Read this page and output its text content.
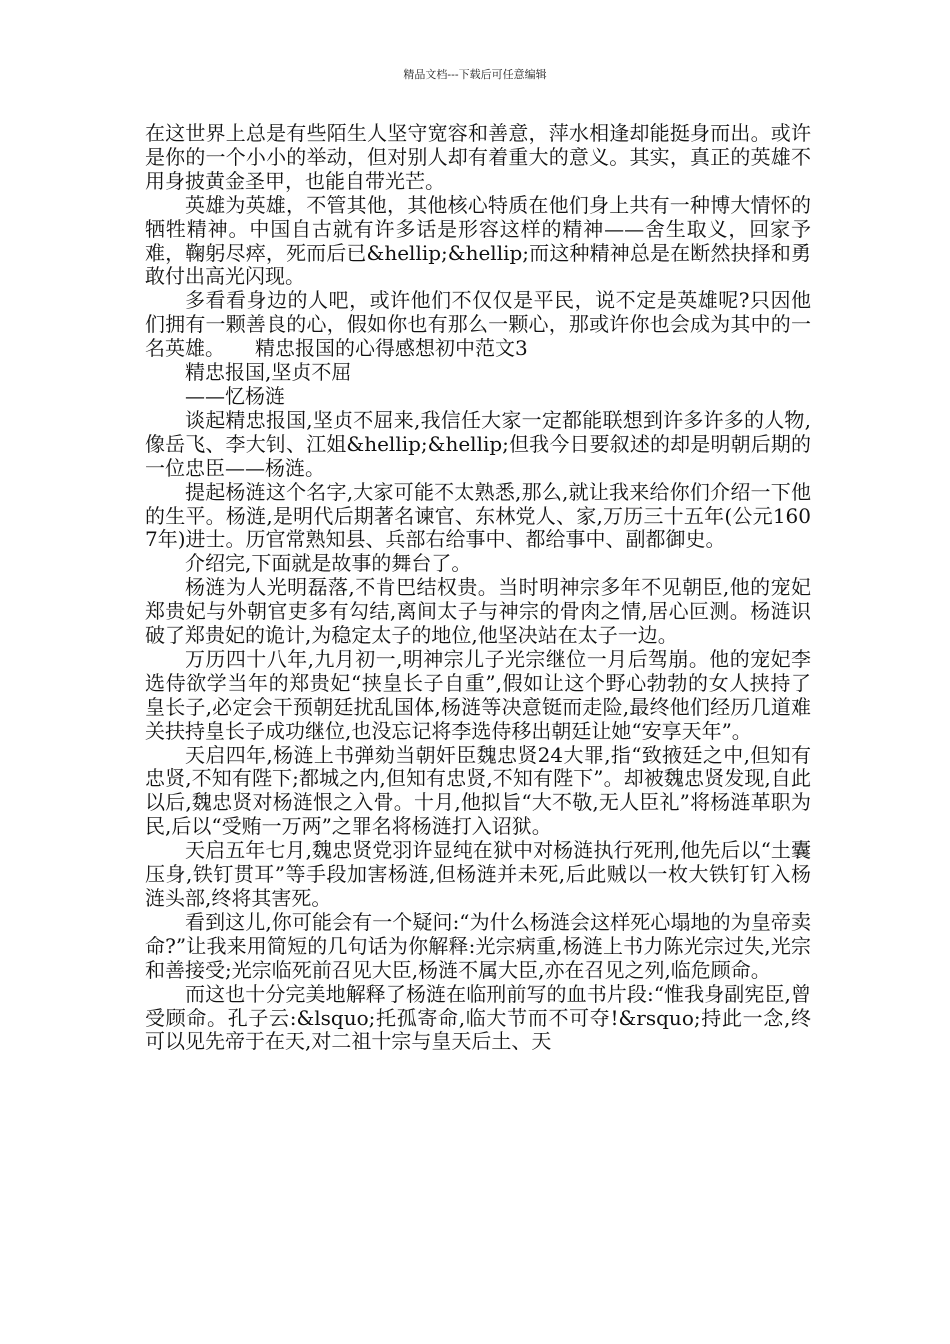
精品文档---下载后可任意编辑

在这世界上总是有些陌生人坚守宽容和善意，萍水相逢却能挺身而出。或许是你的一个小小的举动，但对别人却有着重大的意义。其实，真正的英雄不用身披黄金圣甲，也能自带光芒。

英雄为英雄，不管其他，其他核心特质在他们身上共有一种博大情怀的牺牲精神。中国自古就有许多话是形容这样的精神——舍生取义，回家予难，鞠躬尽瘁，死而后已&hellip;&hellip;而这种精神总是在断然抉择和勇敢付出高光闪现。

多看看身边的人吧，或许他们不仅仅是平民，说不定是英雄呢?只因他们拥有一颗善良的心，假如你也有那么一颗心，那或许你也会成为其中的一名英雄。　　精忠报国的心得感想初中范文3

精忠报国,坚贞不屈

——忆杨涟

谈起精忠报国,坚贞不屈来,我信任大家一定都能联想到许多许多的人物,像岳飞、李大钊、江姐&hellip;&hellip;但我今日要叙述的却是明朝后期的一位忠臣——杨涟。

提起杨涟这个名字,大家可能不太熟悉,那么,就让我来给你们介绍一下他的生平。杨涟,是明代后期著名谏官、东林党人、家,万历三十五年(公元1607年)进士。历官常熟知县、兵部右给事中、都给事中、副都御史。

介绍完,下面就是故事的舞台了。

杨涟为人光明磊落,不肯巴结权贵。当时明神宗多年不见朝臣,他的宠妃郑贵妃与外朝官吏多有勾结,离间太子与神宗的骨肉之情,居心叵测。杨涟识破了郑贵妃的诡计,为稳定太子的地位,他坚决站在太子一边。

万历四十八年,九月初一,明神宗儿子光宗继位一月后驾崩。他的宠妃李选侍欲学当年的郑贵妃“挟皇长子自重”,假如让这个野心勃勃的女人挟持了皇长子,必定会干预朝廷扰乱国体,杨涟等决意铤而走险,最终他们经历几道难关扶持皇长子成功继位,也没忘记将李选侍移出朝廷让她“安享天年”。

天启四年,杨涟上书弹劾当朝奸臣魏忠贤24大罪,指“致掖廷之中,但知有忠贤,不知有陛下;都城之内,但知有忠贤,不知有陛下”。却被魏忠贤发现,自此以后,魏忠贤对杨涟恨之入骨。十月,他拟旨“大不敬,无人臣礼”将杨涟革职为民,后以“受贿一万两”之罪名将杨涟打入诏狱。

天启五年七月,魏忠贤党羽许显纯在狱中对杨涟执行死刑,他先后以“土囊压身,铁钉贯耳”等手段加害杨涟,但杨涟并未死,后此贼以一枚大铁钉钉入杨涟头部,终将其害死。

看到这儿,你可能会有一个疑问:“为什么杨涟会这样死心塌地的为皇帝卖命?”让我来用简短的几句话为你解释:光宗病重,杨涟上书力陈光宗过失,光宗和善接受;光宗临死前召见大臣,杨涟不属大臣,亦在召见之列,临危顾命。

而这也十分完美地解释了杨涟在临刑前写的血书片段:“惟我身副宪臣,曾受顾命。孔子云:&lsquo;托孤寄命,临大节而不可夺!&rsquo;持此一念,终可以见先帝于在天,对二祖十宗与皇天后土、天
